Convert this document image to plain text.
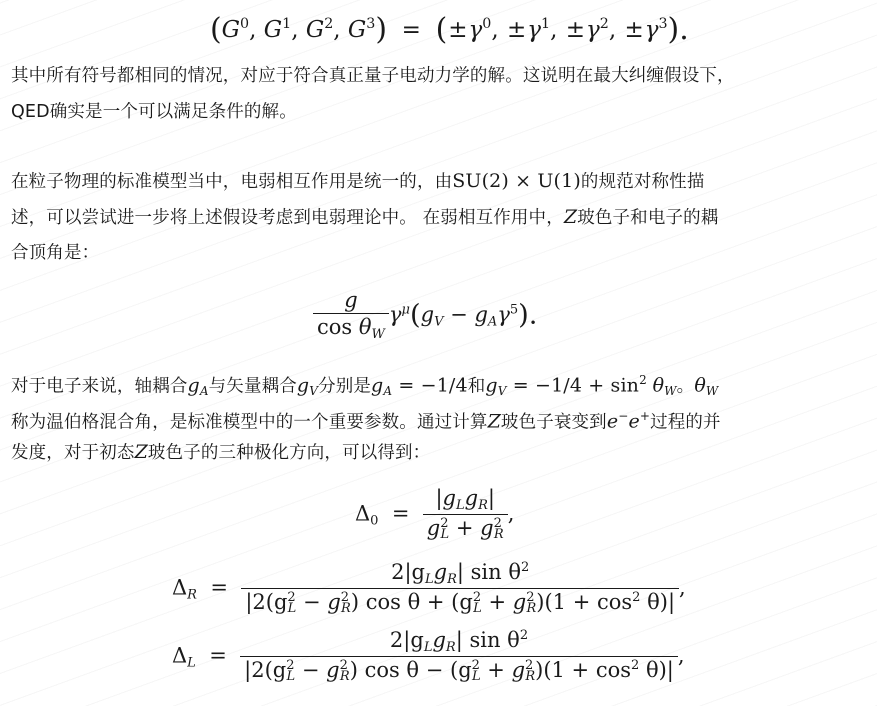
($G^0$, $G^1$, $G^2$, $G^3) = (\pm\gamma^0$, $\pm\gamma^1$, $\pm\gamma^2$, $\pm\gamma^3$).
其中所有符号都相同的情况，对应于符合真正量子电动力学的解。这说明在最大纠缠假设下，
QED确实是一个可以满足条件的解。
在粒子物理的标准模型当中，电弱相互作用是统一的，由SU(2) × U(1)的规范对称性描
述，可以尝试进一步将上述假设考虑到电弱理论中。 在弱相互作用中，Z玻色子和电子的耦
合顶角是：
$\frac{g}{\cos \theta_W} \gamma^\mu(g_V - g_A\gamma^5)$.
对于电子来说，轴耦合$g_A$与矢量耦合$g_V$分别是$g_A = -1/4$和$g_V = -1/4 + \sin^2 \theta_W$。$\theta_W$
称为温伯格混合角，是标准模型中的一个重要参数。通过计算Z玻色子衰变到e−e+过程的并
发度，对于初态Z玻色子的三种极化方向，可以得到：
$\Delta_0 = \frac{|g_Lg_R|}{g^2_L + g^2_R}$ ,
$\Delta_R = \frac{2|g_Lg_R| \sin \theta^2}{|2(g^2_L - g^2_R) \cos \theta + (g^2_L + g^2_R)(1 + \cos^2 \theta)|}$ ,
$\Delta_L = \frac{2|g_Lg_R| \sin \theta^2}{|2(g^2_L - g^2_R) \cos \theta - (g^2_L + g^2_R)(1 + \cos^2 \theta)|}$ ,
